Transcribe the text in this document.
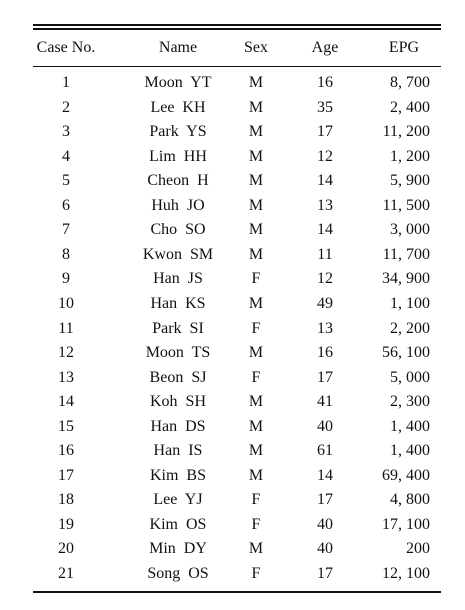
Case No.	Name	Sex	Age	EPG
1	Moon  YT	M	16	8, 700
2	Lee  KH	M	35	2, 400
3	Park  YS	M	17	11, 200
4	Lim  HH	M	12	1, 200
5	Cheon  H	M	14	5, 900
6	Huh  JO	M	13	11, 500
7	Cho  SO	M	14	3, 000
8	Kwon  SM	M	11	11, 700
9	Han  JS	F	12	34, 900
10	Han  KS	M	49	1, 100
11	Park  SI	F	13	2, 200
12	Moon  TS	M	16	56, 100
13	Beon  SJ	F	17	5, 000
14	Koh  SH	M	41	2, 300
15	Han  DS	M	40	1, 400
16	Han  IS	M	61	1, 400
17	Kim  BS	M	14	69, 400
18	Lee  YJ	F	17	4, 800
19	Kim  OS	F	40	17, 100
20	Min  DY	M	40	200
21	Song  OS	F	17	12, 100
